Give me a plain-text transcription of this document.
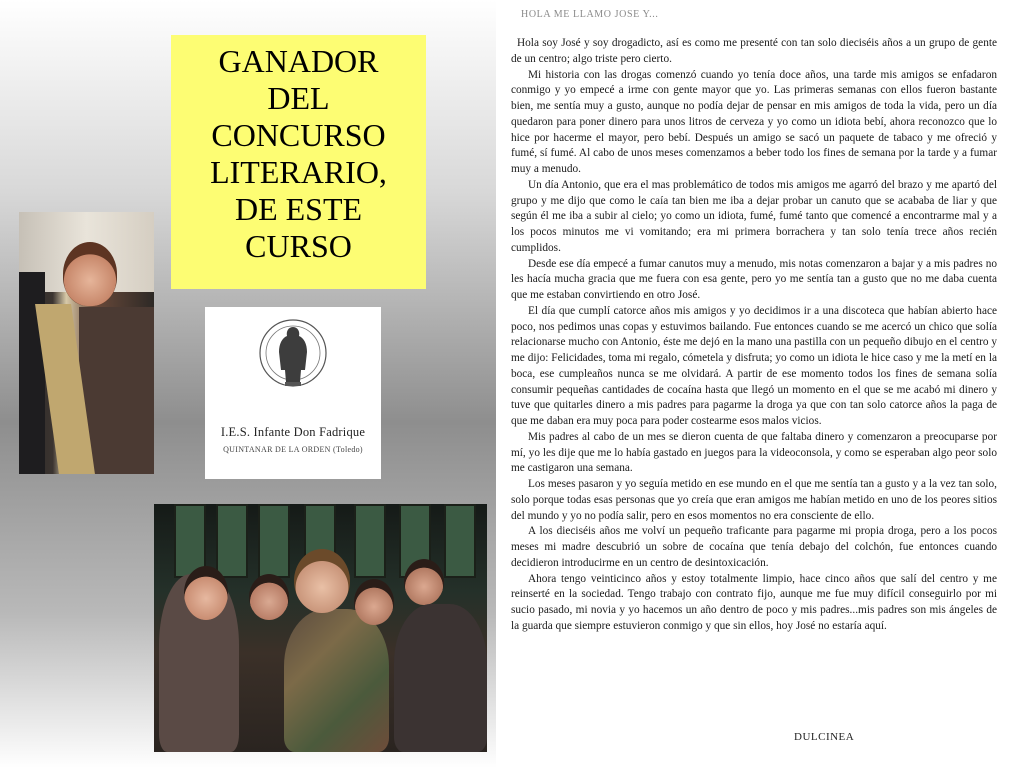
GANADOR
DEL
CONCURSO
LITERARIO,
DE ESTE
CURSO
I.E.S. Infante Don Fadrique
QUINTANAR DE LA ORDEN (Toledo)
HOLA ME LLAMO JOSE Y...

Hola soy José y soy drogadicto, así es como me presenté con tan solo dieciséis años a un grupo de gente de un centro; algo triste pero cierto.

Mi historia con las drogas comenzó cuando yo tenía doce años, una tarde mis amigos se enfadaron conmigo y yo empecé a irme con gente mayor que yo. Las primeras semanas con ellos fueron bastante bien, me sentía muy a gusto, aunque no podía dejar de pensar en mis amigos de toda la vida, pero un día quedaron para poner dinero para unos litros de cerveza y yo como un idiota bebí, ahora reconozco que lo hice por hacerme el mayor, pero bebí. Después un amigo se sacó un paquete de tabaco y me ofreció y fumé, sí fumé. Al cabo de unos meses comenzamos a beber todo los fines de semana por la tarde y a fumar muy a menudo.

Un día Antonio, que era el mas problemático de todos mis amigos me agarró del brazo y me apartó del grupo y me dijo que como le caía tan bien me iba a dejar probar un canuto que se acababa de liar y que según él me iba a subir al cielo; yo como un idiota, fumé, fumé tanto que comencé a encontrarme mal y a los pocos minutos me vi vomitando; era mi primera borrachera y tan solo tenía trece años recién cumplidos.

Desde ese día empecé a fumar canutos muy a menudo, mis notas comenzaron a bajar y a mis padres no les hacía mucha gracia que me fuera con esa gente, pero yo me sentía tan a gusto que no me daba cuenta que me estaban convirtiendo en otro José.

El día que cumplí catorce años mis amigos y yo decidimos ir a una discoteca que habían abierto hace poco, nos pedimos unas copas y estuvimos bailando. Fue entonces cuando se me acercó un chico que solía relacionarse mucho con Antonio, éste me dejó en la mano una pastilla con un pequeño dibujo en el centro y me dijo: Felicidades, toma mi regalo, cómetela y disfruta; yo como un idiota le hice caso y me la metí en la boca, ese cumpleaños nunca se me olvidará. A partir de ese momento todos los fines de semana solía consumir pequeñas cantidades de cocaína hasta que llegó un momento en el que se me acabó mi dinero y tuve que quitarles dinero a mis padres para pagarme la droga ya que con tan solo catorce años la paga de que me daban era muy poca para poder costearme esos malos vicios.

Mis padres al cabo de un mes se dieron cuenta de que faltaba dinero y comenzaron a preocuparse por mí, yo les dije que me lo había gastado en juegos para la videoconsola, y como se esperaban algo peor solo me castigaron una semana.

Los meses pasaron y yo seguía metido en ese mundo en el que me sentía tan a gusto y a la vez tan solo, solo porque todas esas personas que yo creía que eran amigos me habían metido en uno de los peores sitios del mundo y yo no podía salir, pero en esos momentos no era consciente de ello.

A los dieciséis años me volví un pequeño traficante para pagarme mi propia droga, pero a los pocos meses mi madre descubrió un sobre de cocaína que tenía debajo del colchón, fue entonces cuando decidieron introducirme en un centro de desintoxicación.

Ahora tengo veinticinco años y estoy totalmente limpio, hace cinco años que salí del centro y me reinserté en la sociedad. Tengo trabajo con contrato fijo, aunque me fue muy difícil conseguirlo por mi sucio pasado, mi novia y yo hacemos un año dentro de poco y mis padres...mis padres son mis ángeles de la guarda que siempre estuvieron conmigo y que sin ellos, hoy José no estaría aquí.

DULCINEA
